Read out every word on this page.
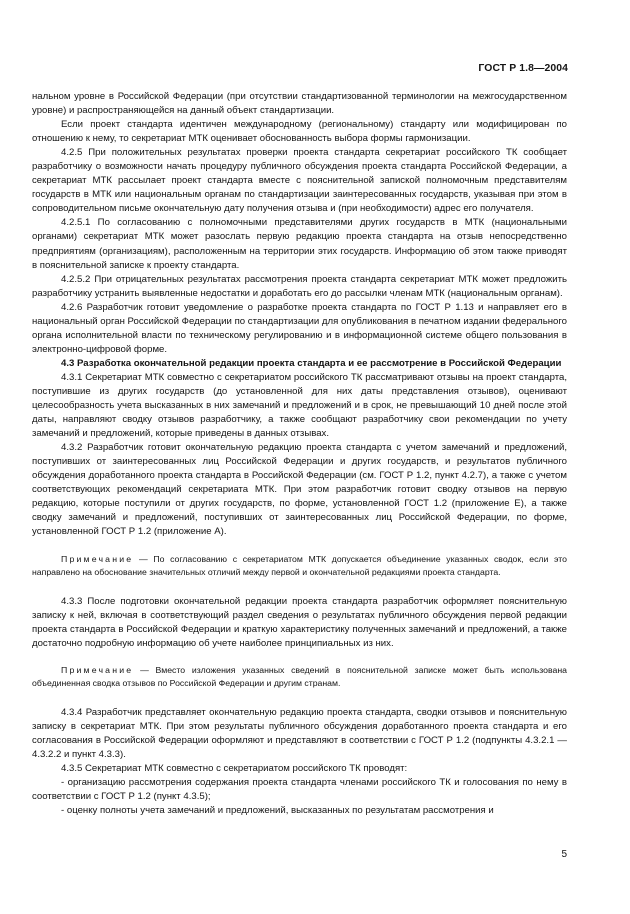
ГОСТ Р 1.8—2004

нальном уровне в Российской Федерации (при отсутствии стандартизованной терминологии на межгосударственном уровне) и распространяющейся на данный объект стандартизации.

Если проект стандарта идентичен международному (региональному) стандарту или модифицирован по отношению к нему, то секретариат МТК оценивает обоснованность выбора формы гармонизации.

4.2.5 При положительных результатах проверки проекта стандарта секретариат российского ТК сообщает разработчику о возможности начать процедуру публичного обсуждения проекта стандарта Российской Федерации, а секретариат МТК рассылает проект стандарта вместе с пояснительной запиской полномочным представителям государств в МТК или национальным органам по стандартизации заинтересованных государств, указывая при этом в сопроводительном письме окончательную дату получения отзыва и (при необходимости) адрес его получателя.

4.2.5.1 По согласованию с полномочными представителями других государств в МТК (национальными органами) секретариат МТК может разослать первую редакцию проекта стандарта на отзыв непосредственно предприятиям (организациям), расположенным на территории этих государств. Информацию об этом также приводят в пояснительной записке к проекту стандарта.

4.2.5.2 При отрицательных результатах рассмотрения проекта стандарта секретариат МТК может предложить разработчику устранить выявленные недостатки и доработать его до рассылки членам МТК (национальным органам).

4.2.6 Разработчик готовит уведомление о разработке проекта стандарта по ГОСТ Р 1.13 и направляет его в национальный орган Российской Федерации по стандартизации для опубликования в печатном издании федерального органа исполнительной власти по техническому регулированию и в информационной системе общего пользования в электронно-цифровой форме.

4.3 Разработка окончательной редакции проекта стандарта и ее рассмотрение в Российской Федерации

4.3.1 Секретариат МТК совместно с секретариатом российского ТК рассматривают отзывы на проект стандарта, поступившие из других государств (до установленной для них даты представления отзывов), оценивают целесообразность учета высказанных в них замечаний и предложений и в срок, не превышающий 10 дней после этой даты, направляют сводку отзывов разработчику, а также сообщают разработчику свои рекомендации по учету замечаний и предложений, которые приведены в данных отзывах.

4.3.2 Разработчик готовит окончательную редакцию проекта стандарта с учетом замечаний и предложений, поступивших от заинтересованных лиц Российской Федерации и других государств, и результатов публичного обсуждения доработанного проекта стандарта в Российской Федерации (см. ГОСТ Р 1.2, пункт 4.2.7), а также с учетом соответствующих рекомендаций секретариата МТК. При этом разработчик готовит сводку отзывов на первую редакцию, которые поступили от других государств, по форме, установленной ГОСТ 1.2 (приложение Е), а также сводку замечаний и предложений, поступивших от заинтересованных лиц Российской Федерации, по форме, установленной ГОСТ Р 1.2 (приложение А).

Примечание — По согласованию с секретариатом МТК допускается объединение указанных сводок, если это направлено на обоснование значительных отличий между первой и окончательной редакциями проекта стандарта.

4.3.3 После подготовки окончательной редакции проекта стандарта разработчик оформляет пояснительную записку к ней, включая в соответствующий раздел сведения о результатах публичного обсуждения первой редакции проекта стандарта в Российской Федерации и краткую характеристику полученных замечаний и предложений, а также достаточно подробную информацию об учете наиболее принципиальных из них.

Примечание — Вместо изложения указанных сведений в пояснительной записке может быть использована объединенная сводка отзывов по Российской Федерации и другим странам.

4.3.4 Разработчик представляет окончательную редакцию проекта стандарта, сводки отзывов и пояснительную записку в секретариат МТК. При этом результаты публичного обсуждения доработанного проекта стандарта и его согласования в Российской Федерации оформляют и представляют в соответствии с ГОСТ Р 1.2 (подпункты 4.3.2.1 — 4.3.2.2 и пункт 4.3.3).

4.3.5 Секретариат МТК совместно с секретариатом российского ТК проводят:

- организацию рассмотрения содержания проекта стандарта членами российского ТК и голосования по нему в соответствии с ГОСТ Р 1.2 (пункт 4.3.5);

- оценку полноты учета замечаний и предложений, высказанных по результатам рассмотрения и

5
